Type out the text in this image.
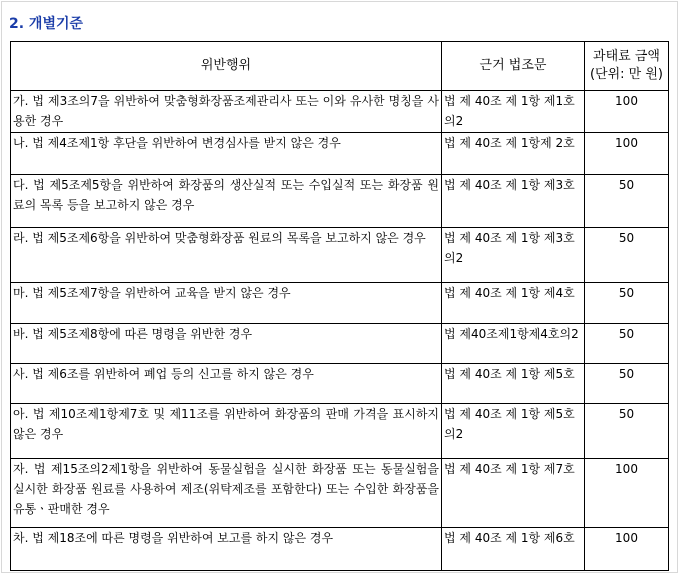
2. 개별기준
위반행위	근거 법조문	과태료 금액
(단위: 만 원)

가. 법 제3조의7을 위반하여 맞춤형화장품조제관리사 또는 이와 유사한 명칭을 사용한 경우	법 제 40조 제 1항 제1호의2	100
나. 법 제4조제1항 후단을 위반하여 변경심사를 받지 않은 경우	법 제 40조 제 1항제 2호	100
다. 법 제5조제5항을 위반하여 화장품의 생산실적 또는 수입실적 또는 화장품 원료의 목록 등을 보고하지 않은 경우	법 제 40조 제 1항 제3호	50
라. 법 제5조제6항을 위반하여 맞춤형화장품 원료의 목록을 보고하지 않은 경우	법 제 40조 제 1항 제3호의2	50
마. 법 제5조제7항을 위반하여 교육을 받지 않은 경우	법 제 40조 제 1항 제4호	50
바. 법 제5조제8항에 따른 명령을 위반한 경우	법 제40조제1항제4호의2	50
사. 법 제6조를 위반하여 폐업 등의 신고를 하지 않은 경우	법 제 40조 제 1항 제5호	50
아. 법 제10조제1항제7호 및 제11조를 위반하여 화장품의 판매 가격을 표시하지 않은 경우	법 제 40조 제 1항 제5호의2	50
자. 법 제15조의2제1항을 위반하여 동물실험을 실시한 화장품 또는 동물실험을 실시한 화장품 원료를 사용하여 제조(위탁제조를 포함한다) 또는 수입한 화장품을 유통ㆍ판매한 경우	법 제 40조 제 1항 제7호	100
차. 법 제18조에 따른 명령을 위반하여 보고를 하지 않은 경우	법 제 40조 제 1항 제6호	100
